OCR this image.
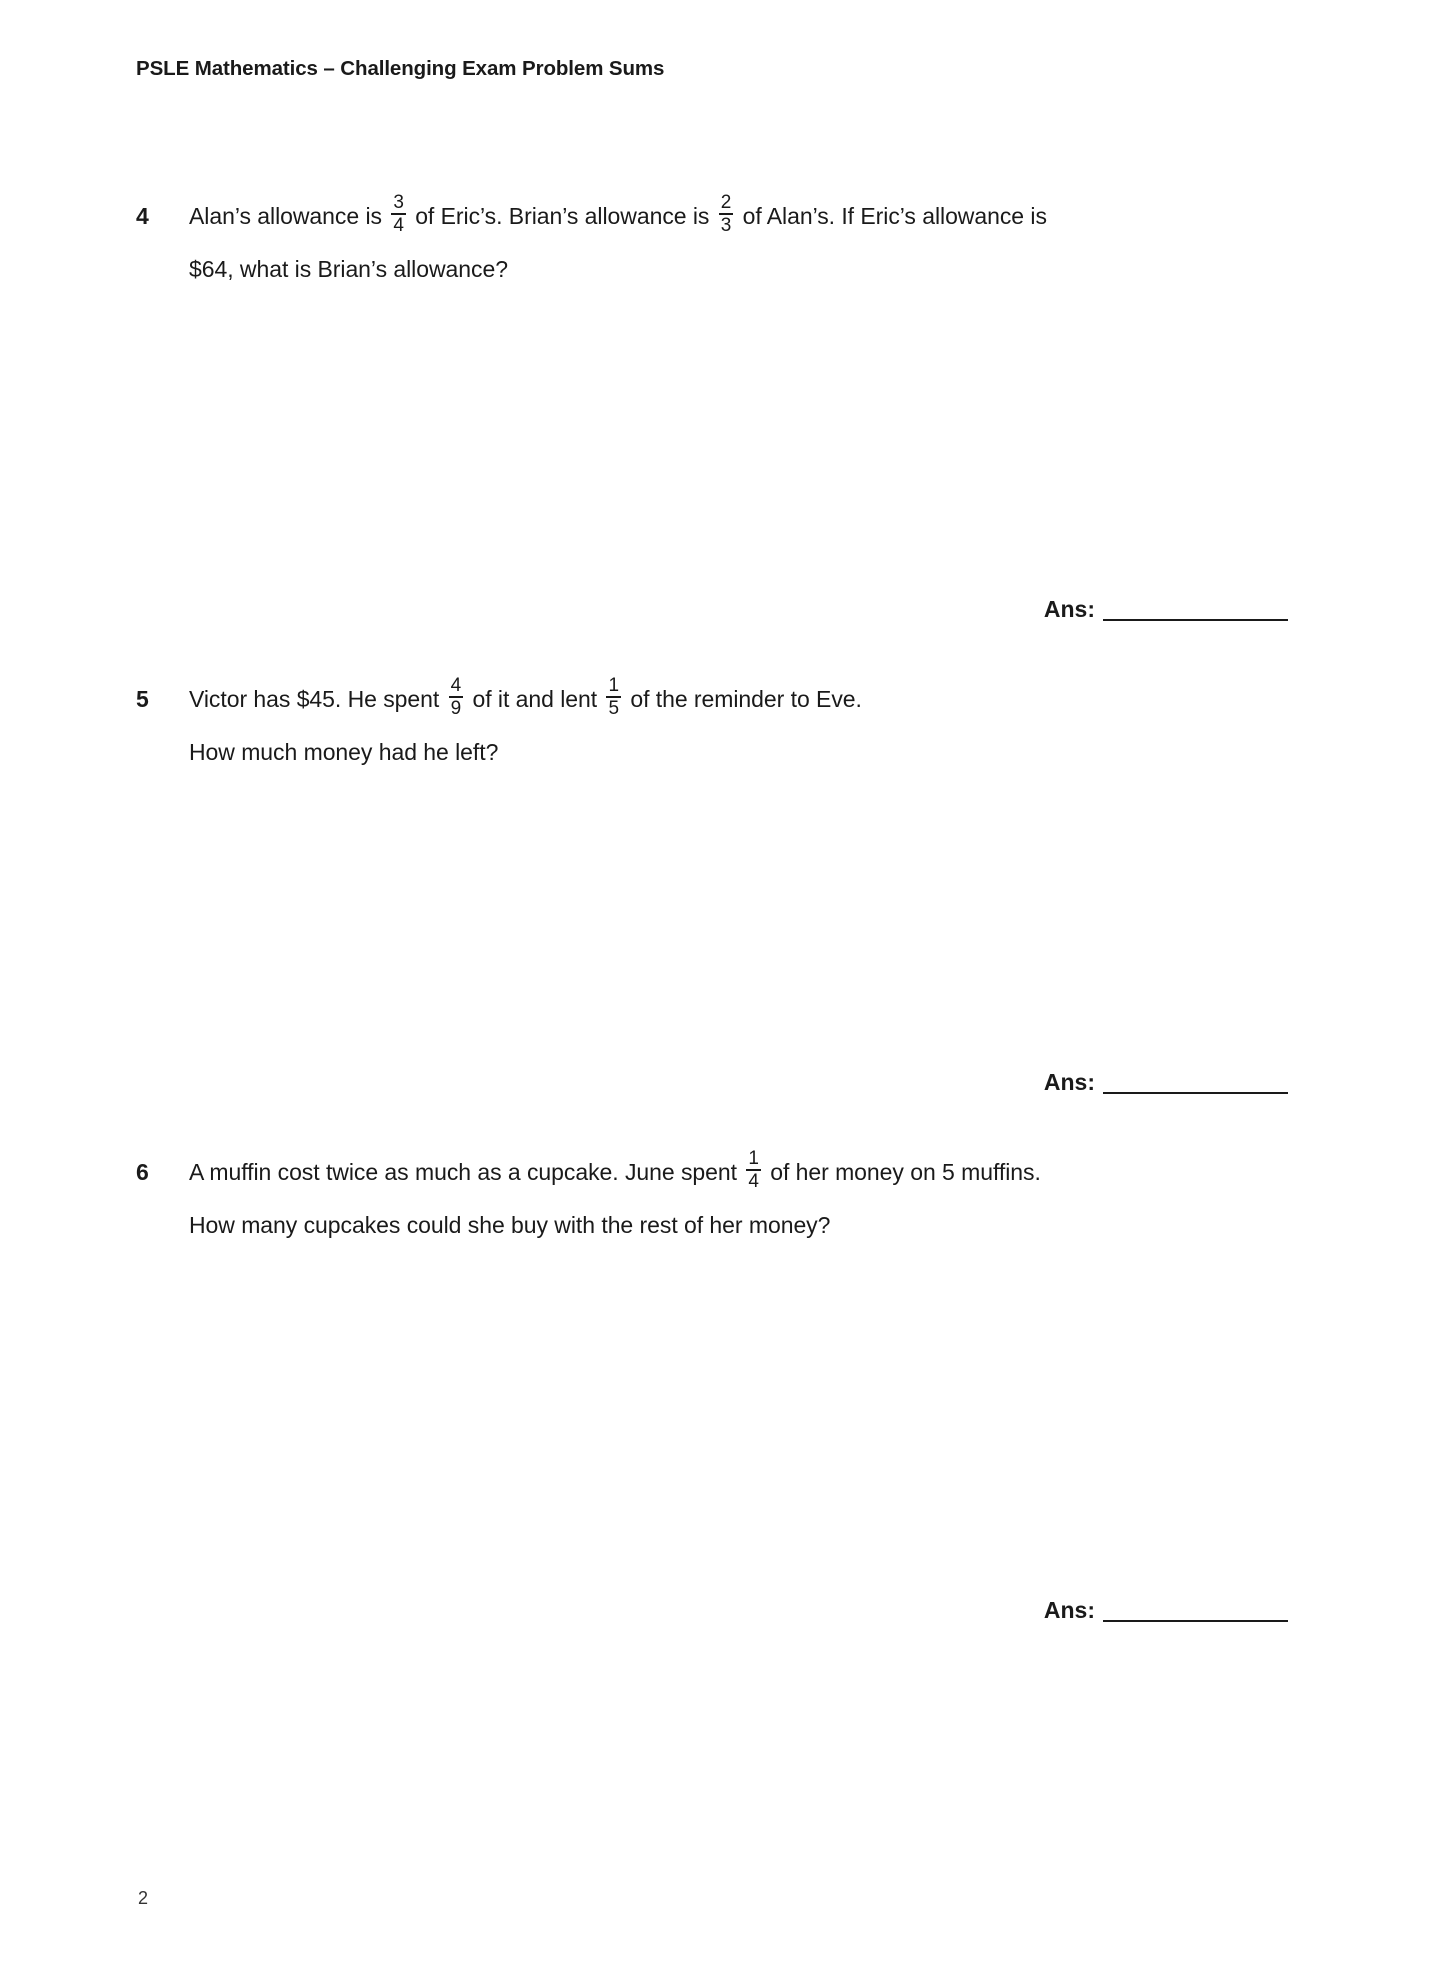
PSLE Mathematics – Challenging Exam Problem Sums
4	Alan’s allowance is $\frac{3}{4}$ of Eric’s. Brian’s allowance is $\frac{2}{3}$ of Alan’s. If Eric’s allowance is
$64, what is Brian’s allowance?
Ans:
5	Victor has $45. He spent $\frac{4}{9}$ of it and lent $\frac{1}{5}$ of the reminder to Eve.
How much money had he left?
Ans:
6	A muffin cost twice as much as a cupcake. June spent $\frac{1}{4}$ of her money on 5 muffins.
How many cupcakes could she buy with the rest of her money?
Ans:
2
